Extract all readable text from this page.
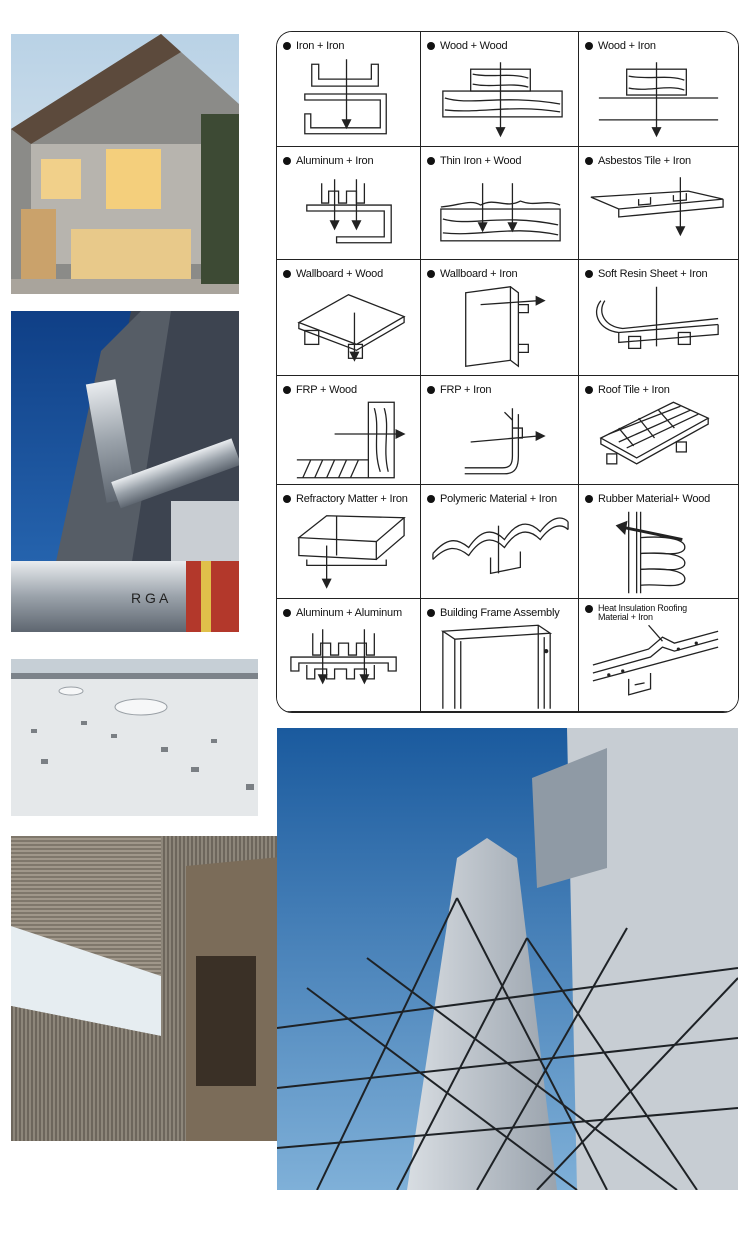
R G A
Iron + Iron	Wood + Wood	Wood + Iron
Aluminum + Iron	Thin Iron + Wood	Asbestos Tile + Iron
Wallboard + Wood	Wallboard + Iron	Soft Resin Sheet + Iron
FRP + Wood	FRP + Iron	Roof Tile + Iron
Refractory Matter + Iron	Polymeric Material + Iron	Rubber Material+ Wood
Aluminum + Aluminum	Building Frame Assembly	Heat Insulation Roofing Material + Iron
